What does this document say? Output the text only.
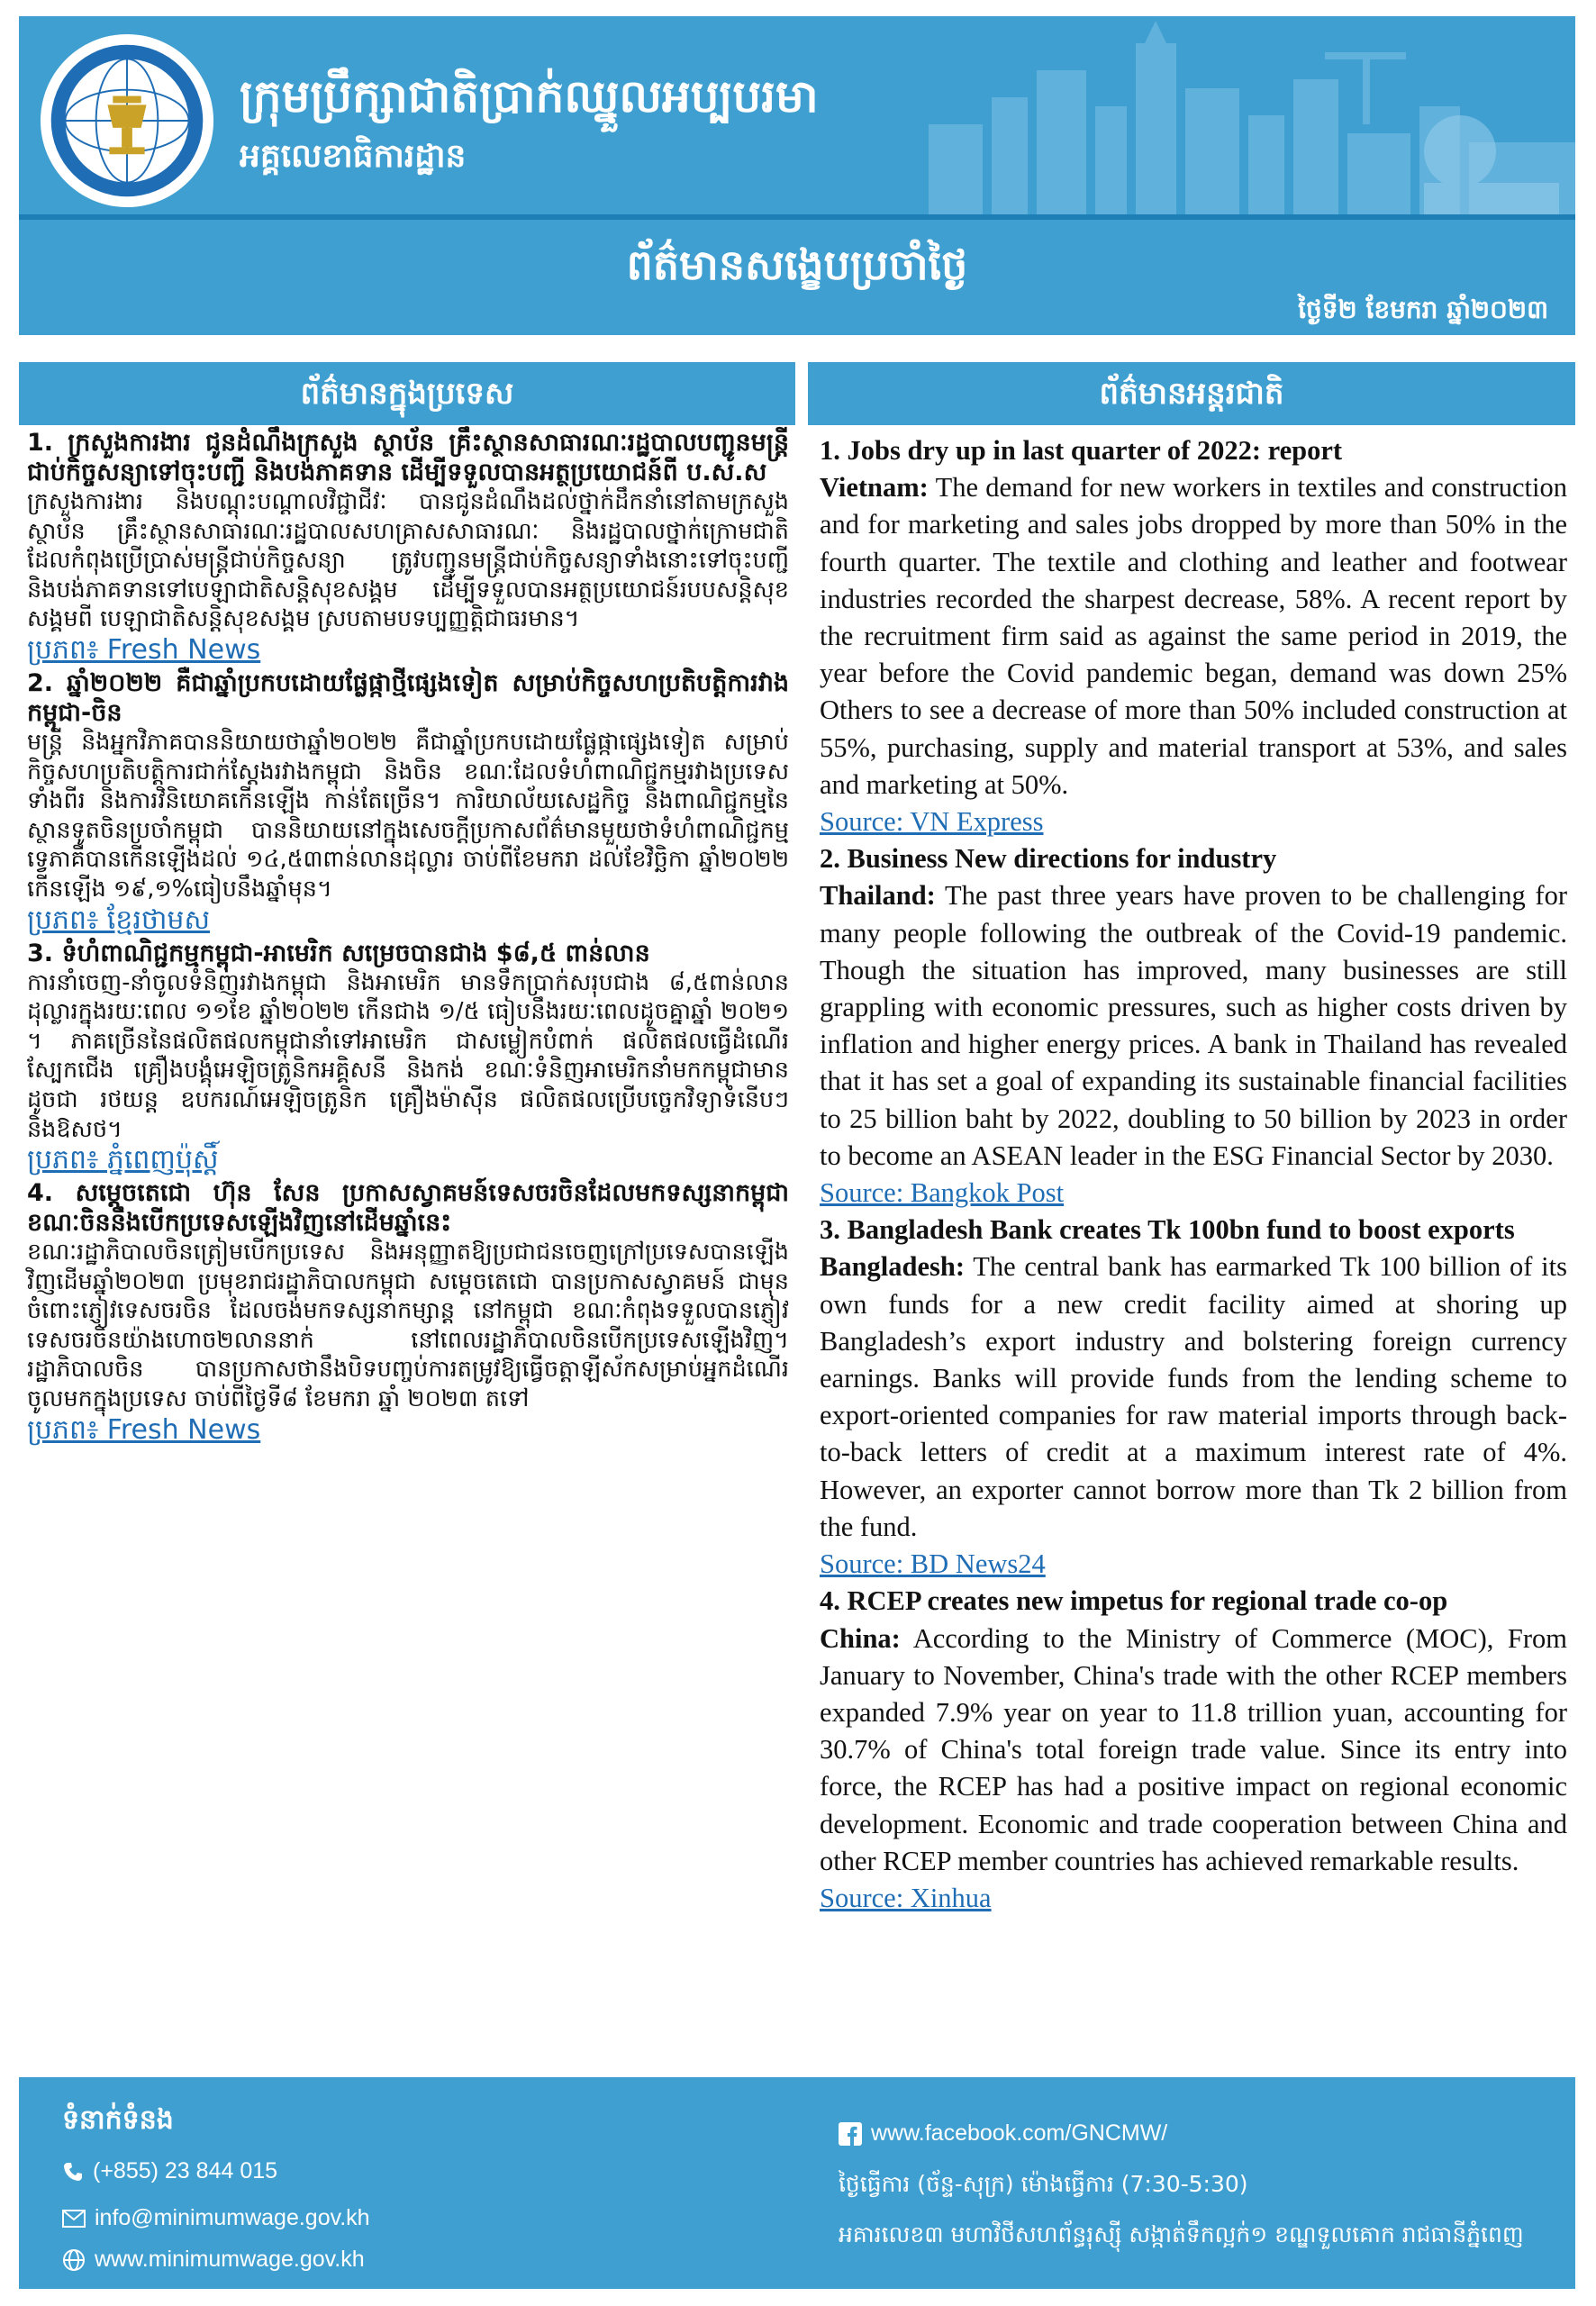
ក្រុមប្រឹក្សាជាតិប្រាក់ឈ្នួលអប្បបរមា
អគ្គលេខាធិការដ្ឋាន
ព័ត៌មានសង្ខេបប្រចាំថ្ងៃ
ថ្ងៃទី២ ខែមករា ឆ្នាំ២០២៣
ព័ត៌មានក្នុងប្រទេស	ព័ត៌មានអន្តរជាតិ

1. ក្រសួងការងារ ជូនដំណឹងក្រសួង ស្ថាប័ន គ្រឹះស្ថានសាធារណៈរដ្ឋបាលបញ្ជូនមន្ត្រីជាប់កិច្ចសន្យាទៅចុះបញ្ជី និងបង់ភាគទាន ដើម្បីទទួលបានអត្ថប្រយោជន៍ពី ប.ស.ស

ក្រសួងការងារ និងបណ្តុះបណ្តាលវិជ្ជាជីវៈ បានជូនដំណឹងដល់ថ្នាក់ដឹកនាំនៅតាមក្រសួង ស្ថាប័ន គ្រឹះស្ថានសាធារណៈរដ្ឋបាលសហគ្រាសសាធារណៈ និងរដ្ឋបាលថ្នាក់ក្រោមជាតិ ដែលកំពុងប្រើប្រាស់មន្ត្រីជាប់កិច្ចសន្យា ត្រូវបញ្ជូនមន្ត្រីជាប់កិច្ចសន្យាទាំងនោះទៅចុះបញ្ជី និងបង់ភាគទានទៅបេឡាជាតិសន្តិសុខសង្គម ដើម្បីទទួលបានអត្ថប្រយោជន៍របបសន្តិសុខសង្គមពី បេឡាជាតិសន្តិសុខសង្គម ស្របតាមបទប្បញ្ញត្តិជាធរមាន។

ប្រភព៖ Fresh News

2. ឆ្នាំ២០២២ គឺជាឆ្នាំប្រកបដោយផ្លែផ្កាថ្មីផ្សេងទៀត សម្រាប់កិច្ចសហប្រតិបត្តិការវាងកម្ពុជា-ចិន

មន្ត្រី និងអ្នកវិភាគបាននិយាយថាឆ្នាំ២០២២ គឺជាឆ្នាំប្រកបដោយផ្លែផ្កាផ្សេងទៀត សម្រាប់កិច្ចសហប្រតិបត្តិការជាក់ស្តែងរវាងកម្ពុជា និងចិន ខណៈដែលទំហំពាណិជ្ជកម្មរវាងប្រទេសទាំងពីរ និងការវិនិយោគកើនឡើង កាន់តែច្រើន។ ការិយាល័យសេដ្ឋកិច្ច និងពាណិជ្ជកម្មនៃស្ថានទូតចិនប្រចាំកម្ពុជា បាននិយាយនៅក្នុងសេចក្តីប្រកាសព័ត៌មានមួយថាទំហំពាណិជ្ជកម្មទ្វេភាគីបានកើនឡើងដល់ ១៤,៥៣ពាន់លានដុល្លារ ចាប់ពីខែមករា ដល់ខែវិច្ឆិកា ឆ្នាំ២០២២ កើនឡើង ១៩,១%ធៀបនឹងឆ្នាំមុន។

ប្រភព៖ ខ្មែរថាមស

3. ទំហំពាណិជ្ជកម្មកម្ពុជា-អាមេរិក សម្រេចបានជាង $៨,៥ ពាន់លាន

ការនាំចេញ-នាំចូលទំនិញរវាងកម្ពុជា និងអាមេរិក មានទឹកប្រាក់សរុបជាង ៨,៥ពាន់លានដុល្លារក្នុងរយៈពេល ១១ខែ ឆ្នាំ២០២២ កើនជាង ១/៥ ធៀបនឹងរយៈពេលដូចគ្នាឆ្នាំ ២០២១ ។ ភាគច្រើននៃផលិតផលកម្ពុជានាំទៅអាមេរិក ជាសម្លៀកបំពាក់ ផលិតផលធ្វើដំណើរ ស្បែកជើង គ្រឿងបង្គុំអេឡិចត្រូនិកអគ្គិសនី និងកង់ ខណៈទំនិញអាមេរិកនាំមកកម្ពុជាមានដូចជា រថយន្ត ឧបករណ៍អេឡិចត្រូនិក គ្រឿងម៉ាស៊ីន ផលិតផលប្រើបច្ចេកវិទ្យាទំនើបៗ និងឱសថ។

ប្រភព៖ ភ្នំពេញប៉ុស្តិ៍

4. សម្តេចតេជោ ហ៊ុន សែន ប្រកាសស្វាគមន៍ទេសចរចិនដែលមកទស្សនាកម្ពុជា ខណៈចិននឹងបើកប្រទេសឡើងវិញនៅដើមឆ្នាំនេះ

ខណៈរដ្ឋាភិបាលចិនត្រៀមបើកប្រទេស និងអនុញ្ញាតឱ្យប្រជាជនចេញក្រៅប្រទេសបានឡើងវិញដើមឆ្នាំ២០២៣ ប្រមុខរាជរដ្ឋាភិបាលកម្ពុជា សម្តេចតេជោ បានប្រកាសស្វាគមន៍ ជាមុនចំពោះភ្ញៀវទេសចរចិន ដែលចង់មកទស្សនាកម្សាន្ត នៅកម្ពុជា ខណៈកំពុងទទួលបានភ្ញៀវទេសចរចិនយ៉ាងហោច២លាននាក់ នៅពេលរដ្ឋាភិបាលចិនបើកប្រទេសឡើងវិញ។ រដ្ឋាភិបាលចិន បានប្រកាសថានឹងបិទបញ្ចប់ការតម្រូវឱ្យធ្វើចត្តាឡីស័កសម្រាប់អ្នកដំណើរចូលមកក្នុងប្រទេស ចាប់ពីថ្ងៃទី៨ ខែមករា ឆ្នាំ ២០២៣ តទៅ

ប្រភព៖ Fresh News

1. Jobs dry up in last quarter of 2022: report

Vietnam: The demand for new workers in textiles and construction and for marketing and sales jobs dropped by more than 50% in the fourth quarter. The textile and clothing and leather and footwear industries recorded the sharpest decrease, 58%. A recent report by the recruitment firm said as against the same period in 2019, the year before the Covid pandemic began, demand was down 25% Others to see a decrease of more than 50% included construction at 55%, purchasing, supply and material transport at 53%, and sales and marketing at 50%.

Source: VN Express

2. Business New directions for industry

Thailand: The past three years have proven to be challenging for many people following the outbreak of the Covid-19 pandemic. Though the situation has improved, many businesses are still grappling with economic pressures, such as higher costs driven by inflation and higher energy prices. A bank in Thailand has revealed that it has set a goal of expanding its sustainable financial facilities to 25 billion baht by 2022, doubling to 50 billion by 2023 in order to become an ASEAN leader in the ESG Financial Sector by 2030.

Source: Bangkok Post

3. Bangladesh Bank creates Tk 100bn fund to boost exports

Bangladesh: The central bank has earmarked Tk 100 billion of its own funds for a new credit facility aimed at shoring up Bangladesh’s export industry and bolstering foreign currency earnings. Banks will provide funds from the lending scheme to export-oriented companies for raw material imports through back-to-back letters of credit at a maximum interest rate of 4%. However, an exporter cannot borrow more than Tk 2 billion from the fund.

Source: BD News24

4. RCEP creates new impetus for regional trade co-op

China: According to the Ministry of Commerce (MOC), From January to November, China's trade with the other RCEP members expanded 7.9% year on year to 11.8 trillion yuan, accounting for 30.7% of China's total foreign trade value. Since its entry into force, the RCEP has had a positive impact on regional economic development. Economic and trade cooperation between China and other RCEP member countries has achieved remarkable results.

Source: Xinhua

ទំនាក់ទំនង
(+855) 23 844 015
info@minimumwage.gov.kh
www.minimumwage.gov.kh
www.facebook.com/GNCMW/
ថ្ងៃធ្វើការ (ច័ន្ទ-សុក្រ) ម៉ោងធ្វើការ (7:30-5:30)
អគារលេខ៣ មហាវិថីសហព័ន្ធរុស្ស៊ី សង្កាត់ទឹកល្អក់១ ខណ្ឌទួលគោក រាជធានីភ្នំពេញ
